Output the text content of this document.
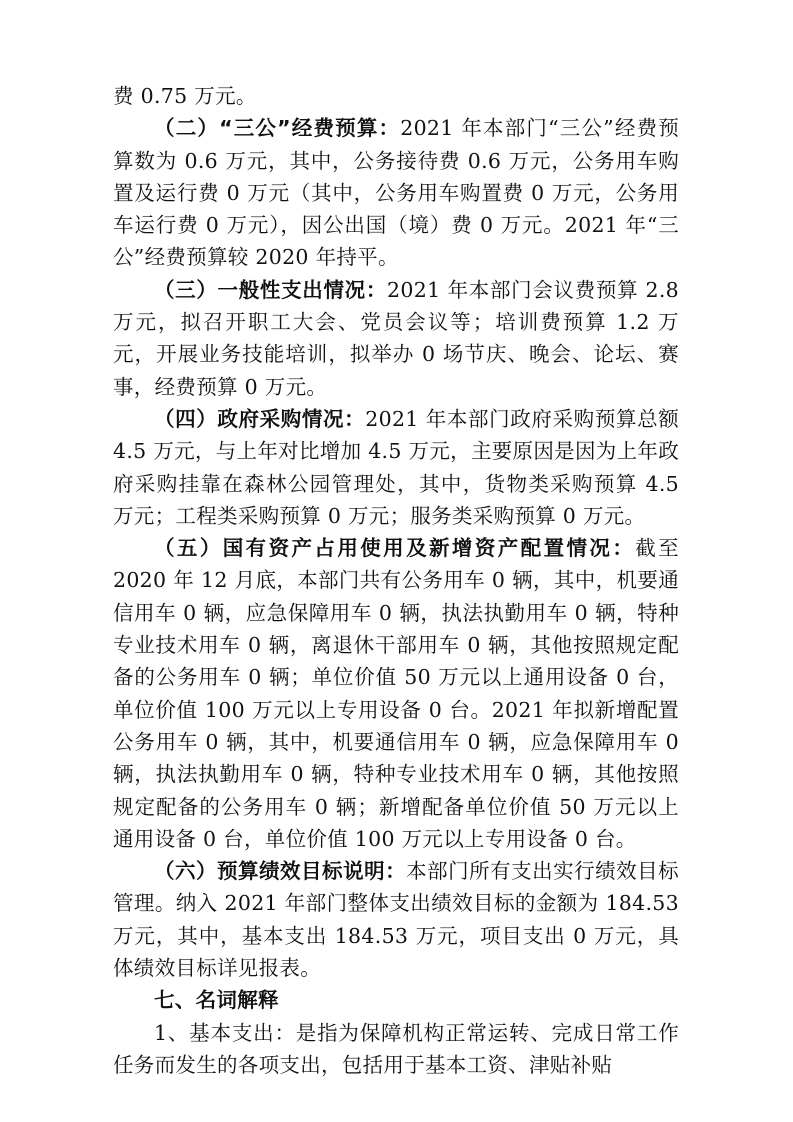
费 0.75 万元。

（二）“三公”经费预算：2021 年本部门“三公”经费预算数为 0.6 万元，其中，公务接待费 0.6 万元，公务用车购置及运行费 0 万元（其中，公务用车购置费 0 万元，公务用车运行费 0 万元），因公出国（境）费 0 万元。2021 年“三公”经费预算较 2020 年持平。

（三）一般性支出情况：2021 年本部门会议费预算 2.8 万元，拟召开职工大会、党员会议等；培训费预算 1.2 万元，开展业务技能培训，拟举办 0 场节庆、晚会、论坛、赛事，经费预算 0 万元。

（四）政府采购情况：2021 年本部门政府采购预算总额 4.5 万元，与上年对比增加 4.5 万元，主要原因是因为上年政府采购挂靠在森林公园管理处，其中，货物类采购预算 4.5 万元；工程类采购预算 0 万元；服务类采购预算 0 万元。

（五）国有资产占用使用及新增资产配置情况：截至 2020 年 12 月底，本部门共有公务用车 0 辆，其中，机要通信用车 0 辆，应急保障用车 0 辆，执法执勤用车 0 辆，特种专业技术用车 0 辆，离退休干部用车 0 辆，其他按照规定配备的公务用车 0 辆；单位价值 50 万元以上通用设备 0 台，单位价值 100 万元以上专用设备 0 台。2021 年拟新增配置公务用车 0 辆，其中，机要通信用车 0 辆，应急保障用车 0 辆，执法执勤用车 0 辆，特种专业技术用车 0 辆，其他按照规定配备的公务用车 0 辆；新增配备单位价值 50 万元以上通用设备 0 台，单位价值 100 万元以上专用设备 0 台。

（六）预算绩效目标说明：本部门所有支出实行绩效目标管理。纳入 2021 年部门整体支出绩效目标的金额为 184.53 万元，其中，基本支出 184.53 万元，项目支出 0 万元，具体绩效目标详见报表。

七、名词解释

1、基本支出：是指为保障机构正常运转、完成日常工作任务而发生的各项支出，包括用于基本工资、津贴补贴
